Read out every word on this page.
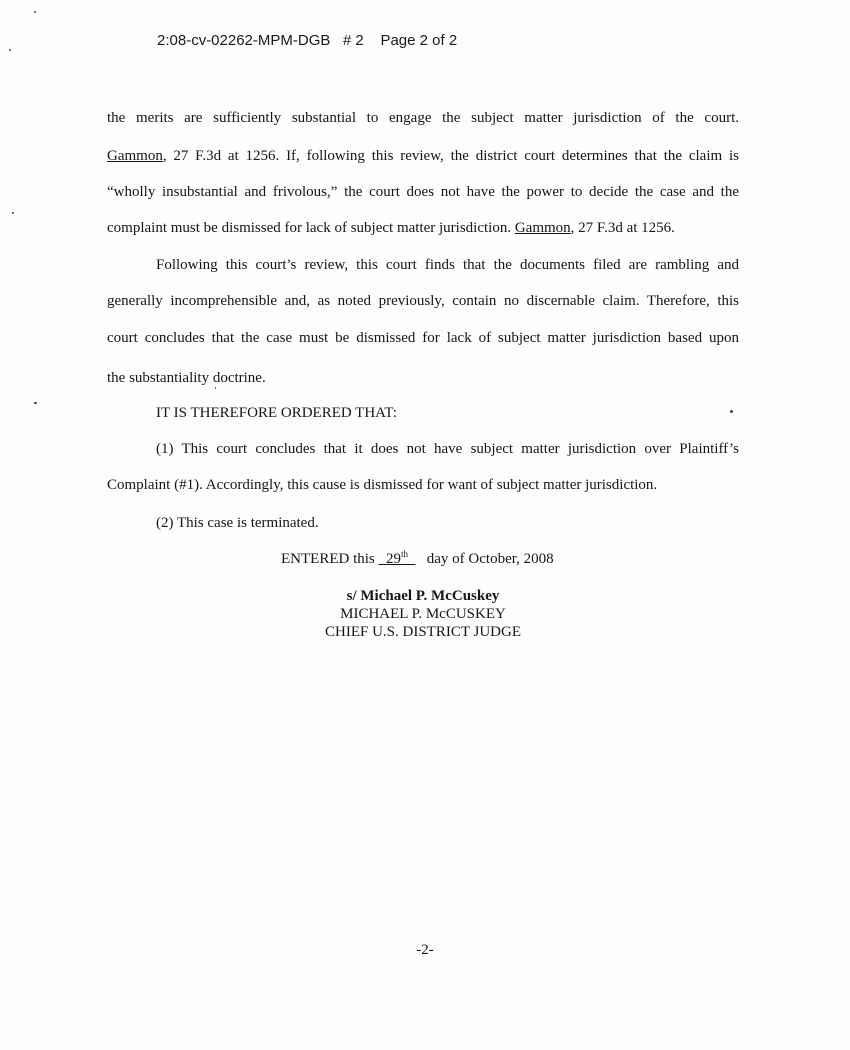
2:08-cv-02262-MPM-DGB # 2 Page 2 of 2
the merits are sufficiently substantial to engage the subject matter jurisdiction of the court.
Gammon, 27 F.3d at 1256. If, following this review, the district court determines that the claim is
“wholly insubstantial and frivolous,” the court does not have the power to decide the case and the
complaint must be dismissed for lack of subject matter jurisdiction. Gammon, 27 F.3d at 1256.
Following this court’s review, this court finds that the documents filed are rambling and
generally incomprehensible and, as noted previously, contain no discernable claim. Therefore, this
court concludes that the case must be dismissed for lack of subject matter jurisdiction based upon
the substantiality doctrine.
IT IS THEREFORE ORDERED THAT:
(1) This court concludes that it does not have subject matter jurisdiction over Plaintiff’s
Complaint (#1). Accordingly, this cause is dismissed for want of subject matter jurisdiction.
(2) This case is terminated.
ENTERED this   29th     day of October, 2008
s/ Michael P. McCuskey
MICHAEL P. McCUSKEY
CHIEF U.S. DISTRICT JUDGE
-2-
